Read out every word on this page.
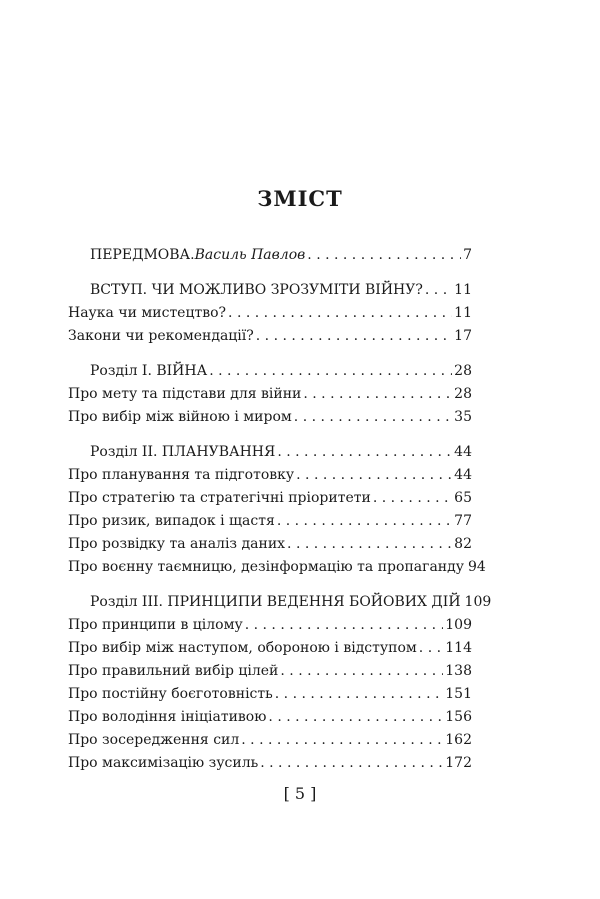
ЗМІСТ
ПЕРЕДМОВА. Василь Павлов . . .	7
ВСТУП. ЧИ МОЖЛИВО ЗРОЗУМІТИ ВІЙНУ? . . . 11
Наука чи мистецтво? . . .	11
Закони чи рекомендації? . . .	17
Розділ І. ВІЙНА . . .	28
Про мету та підстави для війни . . .	28
Про вибір між війною і миром . . .	35
Розділ ІІ. ПЛАНУВАННЯ . . .	44
Про планування та підготовку . . .	44
Про стратегію та стратегічні пріоритети . . .	65
Про ризик, випадок і щастя . . .	77
Про розвідку та аналіз даних . . .	82
Про воєнну таємницю, дезінформацію та пропаганду 94
Розділ ІІІ. ПРИНЦИПИ ВЕДЕННЯ БОЙОВИХ ДІЙ 109
Про принципи в цілому . . .	109
Про вибір між наступом, обороною і відступом . . . 114
Про правильний вибір цілей . . .	138
Про постійну боєготовність . . .	151
Про володіння ініціативою . . .	156
Про зосередження сил . . .	162
Про максимізацію зусиль . . .	172
[ 5 ]
